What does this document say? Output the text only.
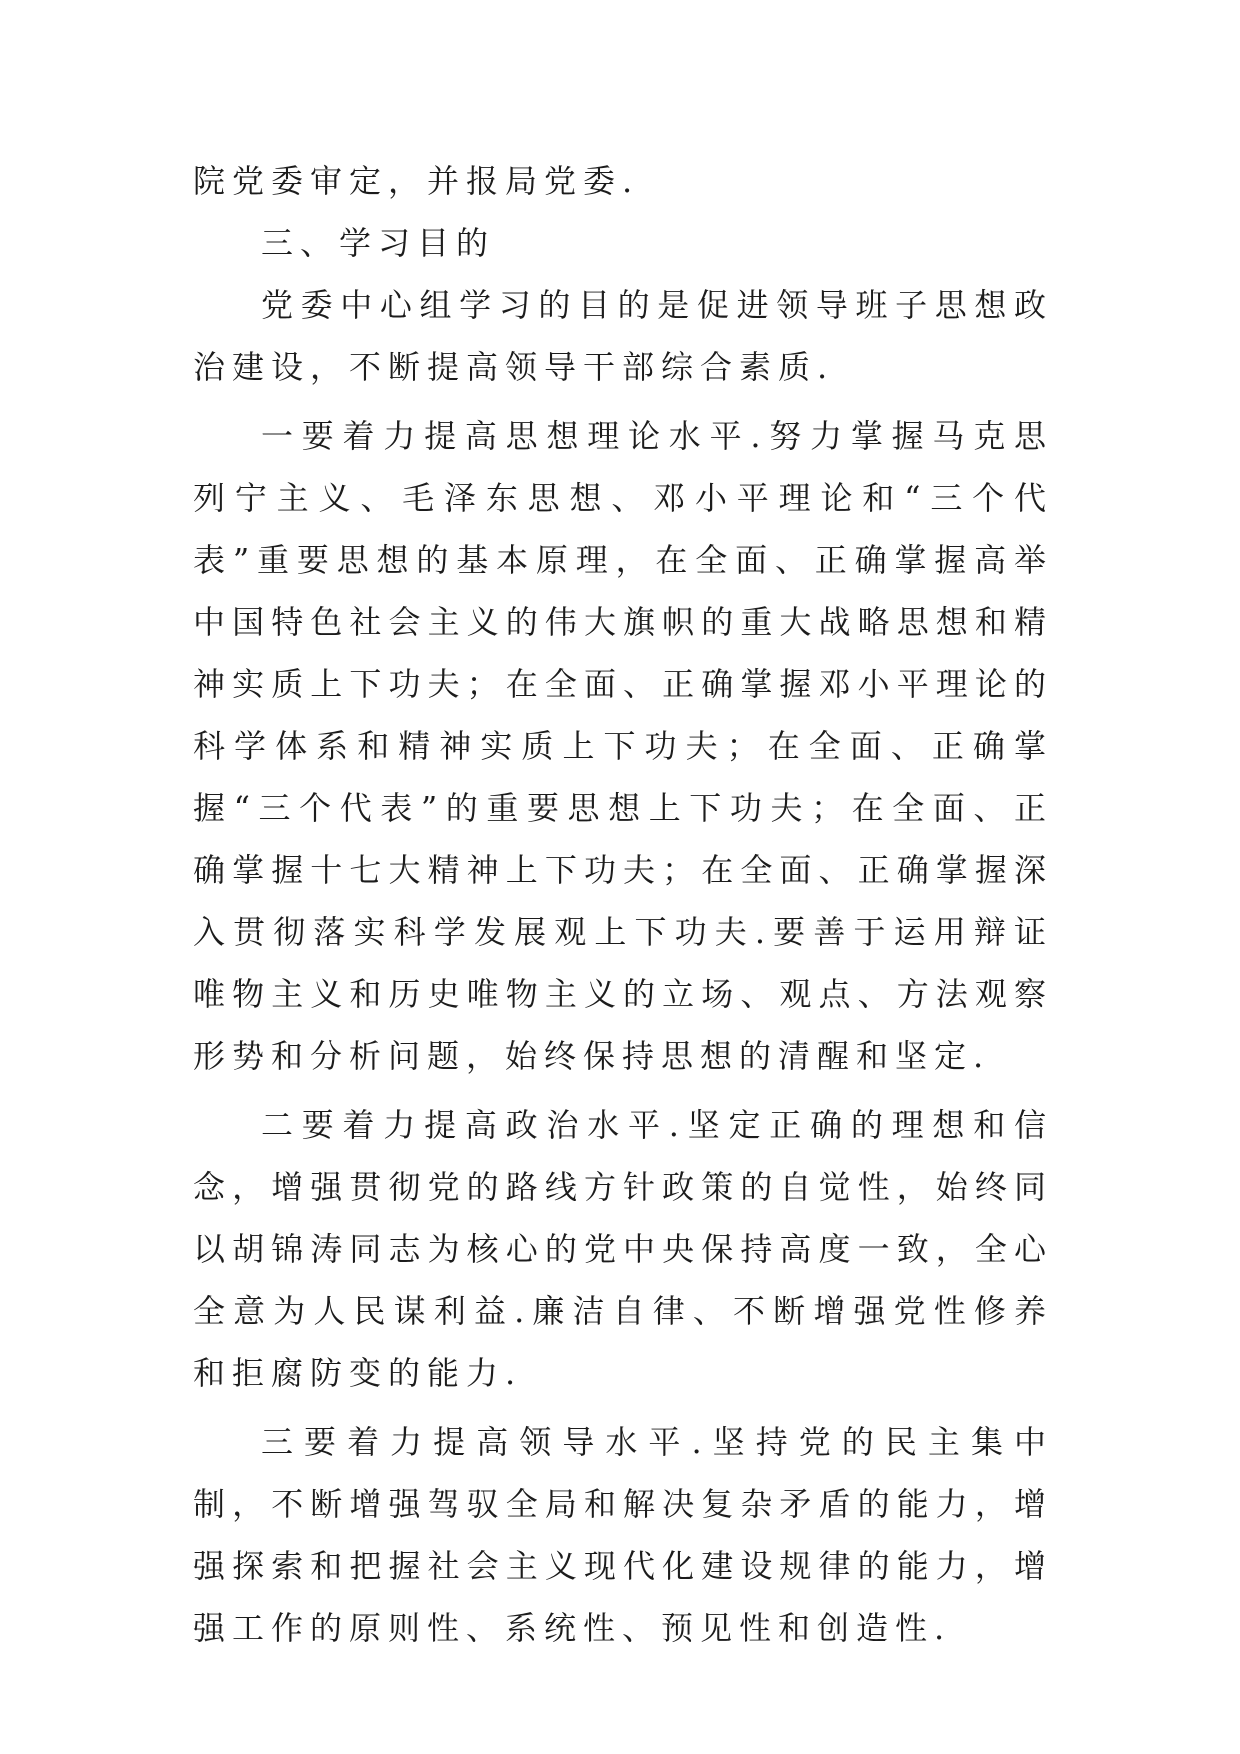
院党委审定，并报局党委.

三、学习目的

党委中心组学习的目的是促进领导班子思想政治建设，不断提高领导干部综合素质.

一要着力提高思想理论水平.努力掌握马克思列宁主义、毛泽东思想、邓小平理论和“三个代表”重要思想的基本原理，在全面、正确掌握高举中国特色社会主义的伟大旗帜的重大战略思想和精神实质上下功夫；在全面、正确掌握邓小平理论的科学体系和精神实质上下功夫；在全面、正确掌握“三个代表”的重要思想上下功夫；在全面、正确掌握十七大精神上下功夫；在全面、正确掌握深入贯彻落实科学发展观上下功夫.要善于运用辩证唯物主义和历史唯物主义的立场、观点、方法观察形势和分析问题，始终保持思想的清醒和坚定.

二要着力提高政治水平.坚定正确的理想和信念，增强贯彻党的路线方针政策的自觉性，始终同以胡锦涛同志为核心的党中央保持高度一致，全心全意为人民谋利益.廉洁自律、不断增强党性修养和拒腐防变的能力.

三要着力提高领导水平.坚持党的民主集中制，不断增强驾驭全局和解决复杂矛盾的能力，增强探索和把握社会主义现代化建设规律的能力，增强工作的原则性、系统性、预见性和创造性.
